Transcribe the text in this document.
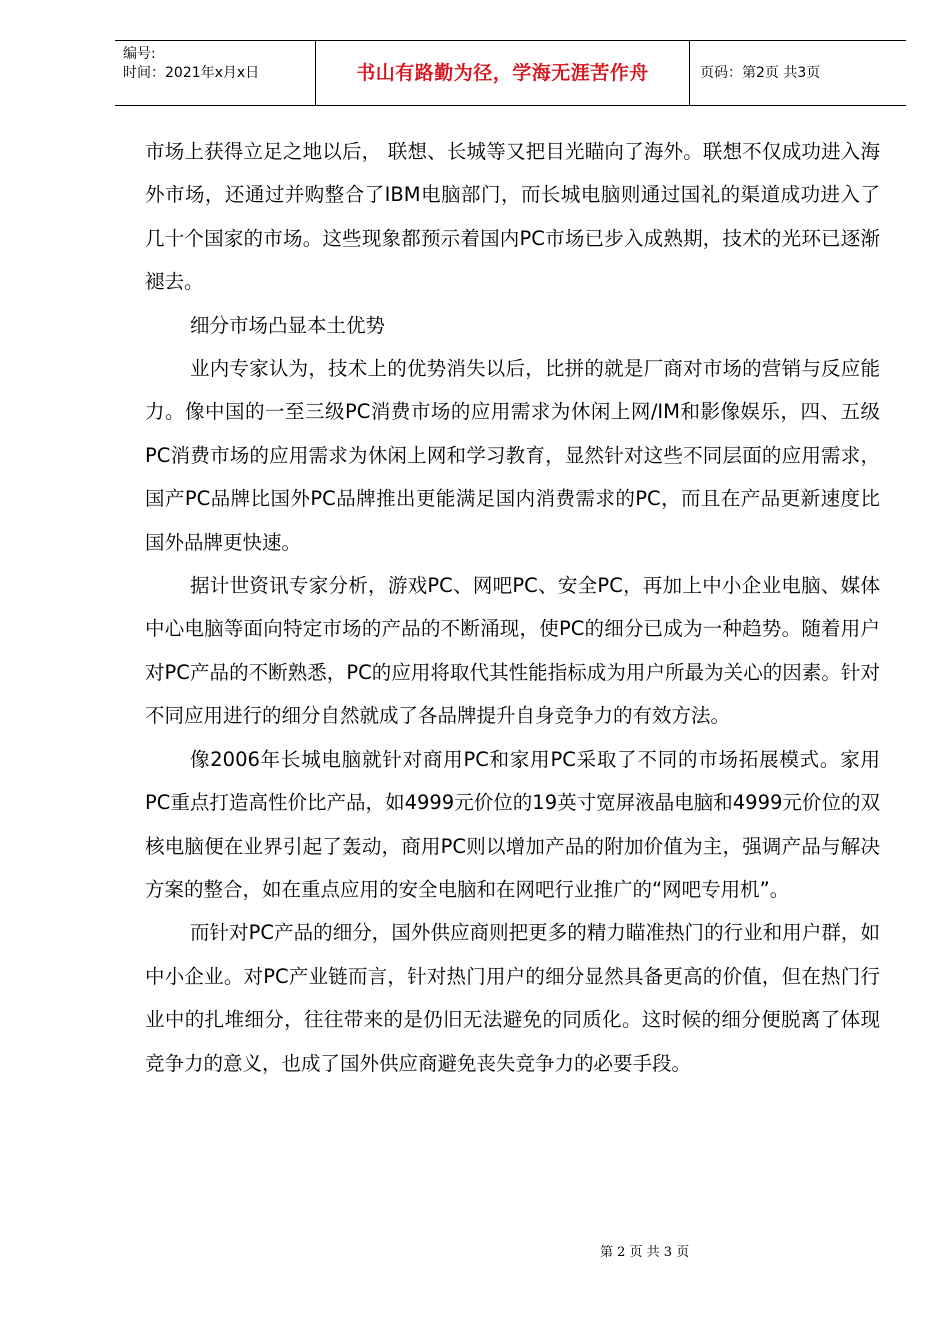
编号:
时间：2021年x月x日	书山有路勤为径，学海无涯苦作舟	页码：第2页 共3页

市场上获得立足之地以后， 联想、长城等又把目光瞄向了海外。联想不仅成功进入海外市场，还通过并购整合了IBM电脑部门，而长城电脑则通过国礼的渠道成功进入了几十个国家的市场。这些现象都预示着国内PC市场已步入成熟期，技术的光环已逐渐褪去。

细分市场凸显本土优势

业内专家认为，技术上的优势消失以后，比拼的就是厂商对市场的营销与反应能力。像中国的一至三级PC消费市场的应用需求为休闲上网/IM和影像娱乐，四、五级PC消费市场的应用需求为休闲上网和学习教育，显然针对这些不同层面的应用需求，国产PC品牌比国外PC品牌推出更能满足国内消费需求的PC，而且在产品更新速度比国外品牌更快速。

据计世资讯专家分析，游戏PC、网吧PC、安全PC，再加上中小企业电脑、媒体中心电脑等面向特定市场的产品的不断涌现，使PC的细分已成为一种趋势。随着用户对PC产品的不断熟悉，PC的应用将取代其性能指标成为用户所最为关心的因素。针对不同应用进行的细分自然就成了各品牌提升自身竞争力的有效方法。

像2006年长城电脑就针对商用PC和家用PC采取了不同的市场拓展模式。家用PC重点打造高性价比产品，如4999元价位的19英寸宽屏液晶电脑和4999元价位的双核电脑便在业界引起了轰动，商用PC则以增加产品的附加价值为主，强调产品与解决方案的整合，如在重点应用的安全电脑和在网吧行业推广的“网吧专用机”。

而针对PC产品的细分，国外供应商则把更多的精力瞄准热门的行业和用户群，如中小企业。对PC产业链而言，针对热门用户的细分显然具备更高的价值，但在热门行业中的扎堆细分，往往带来的是仍旧无法避免的同质化。这时候的细分便脱离了体现竞争力的意义，也成了国外供应商避免丧失竞争力的必要手段。

第 2 页 共 3 页
